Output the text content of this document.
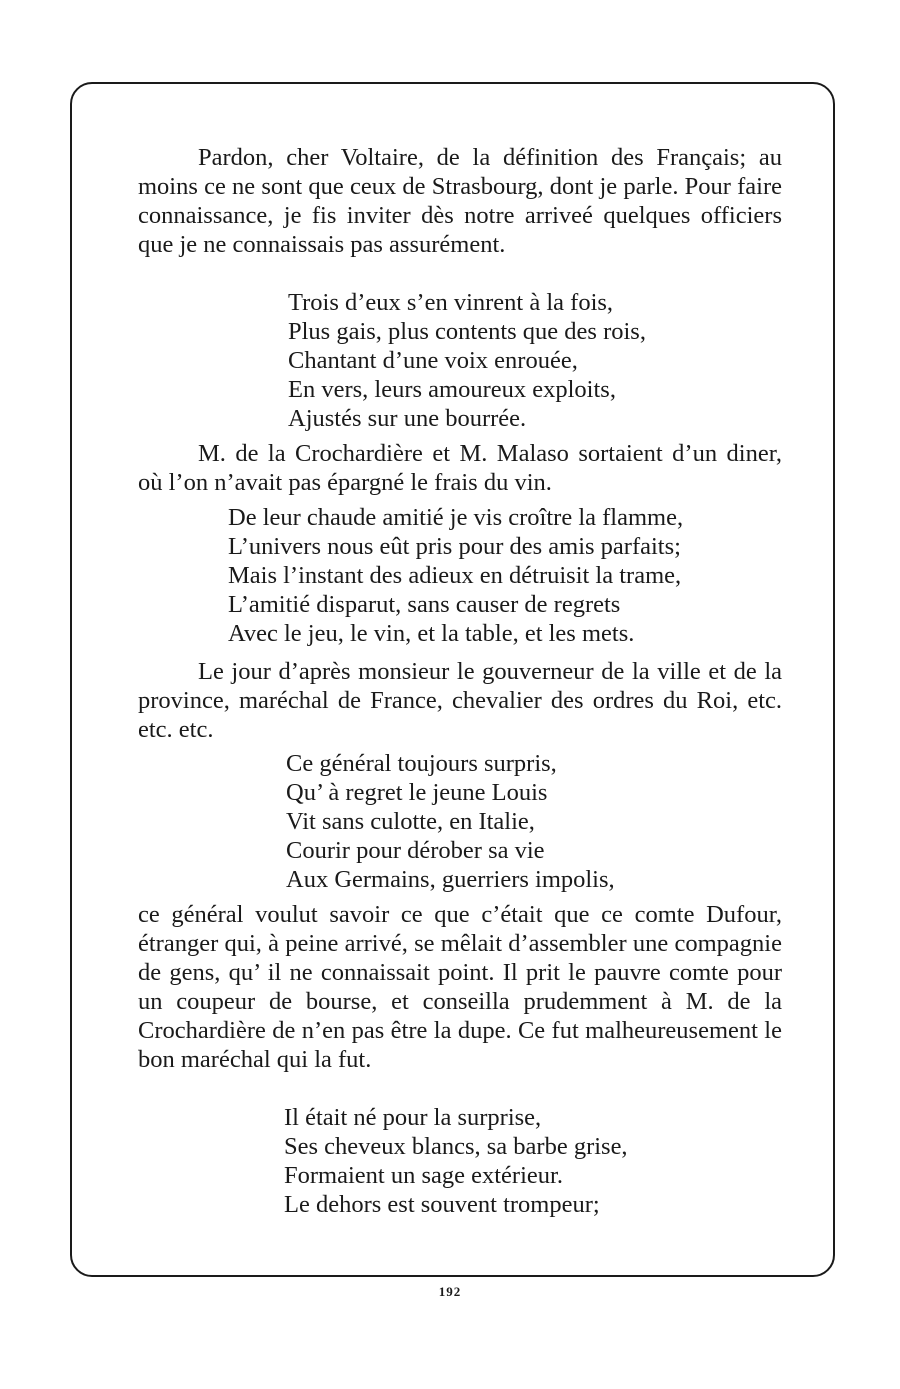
Pardon, cher Voltaire, de la définition des Français; au moins ce ne sont que ceux de Strasbourg, dont je parle. Pour faire connaissance, je fis inviter dès notre arriveé quelques officiers que je ne connaissais pas assurément.

Trois d’eux s’en vinrent à la fois,
Plus gais, plus contents que des rois,
Chantant d’une voix enrouée,
En vers, leurs amoureux exploits,
Ajustés sur une bourrée.

M. de la Crochardière et M. Malaso sortaient d’un diner, où l’on n’avait pas épargné le frais du vin.

De leur chaude amitié je vis croître la flamme,
L’univers nous eût pris pour des amis parfaits;
Mais l’instant des adieux en détruisit la trame,
L’amitié disparut, sans causer de regrets
Avec le jeu, le vin, et la table, et les mets.

Le jour d’après monsieur le gouverneur de la ville et de la province, maréchal de France, chevalier des ordres du Roi, etc. etc. etc.

Ce général toujours surpris,
Qu’ à regret le jeune Louis
Vit sans culotte, en Italie,
Courir pour dérober sa vie
Aux Germains, guerriers impolis,

ce général voulut savoir ce que c’était que ce comte Dufour, étranger qui, à peine arrivé, se mêlait d’assembler une compagnie de gens, qu’ il ne connaissait point. Il prit le pauvre comte pour un coupeur de bourse, et conseilla prudemment à M. de la Crochardière de n’en pas être la dupe. Ce fut malheureusement le bon maréchal qui la fut.

Il était né pour la surprise,
Ses cheveux blancs, sa barbe grise,
Formaient un sage extérieur.
Le dehors est souvent trompeur;
192
